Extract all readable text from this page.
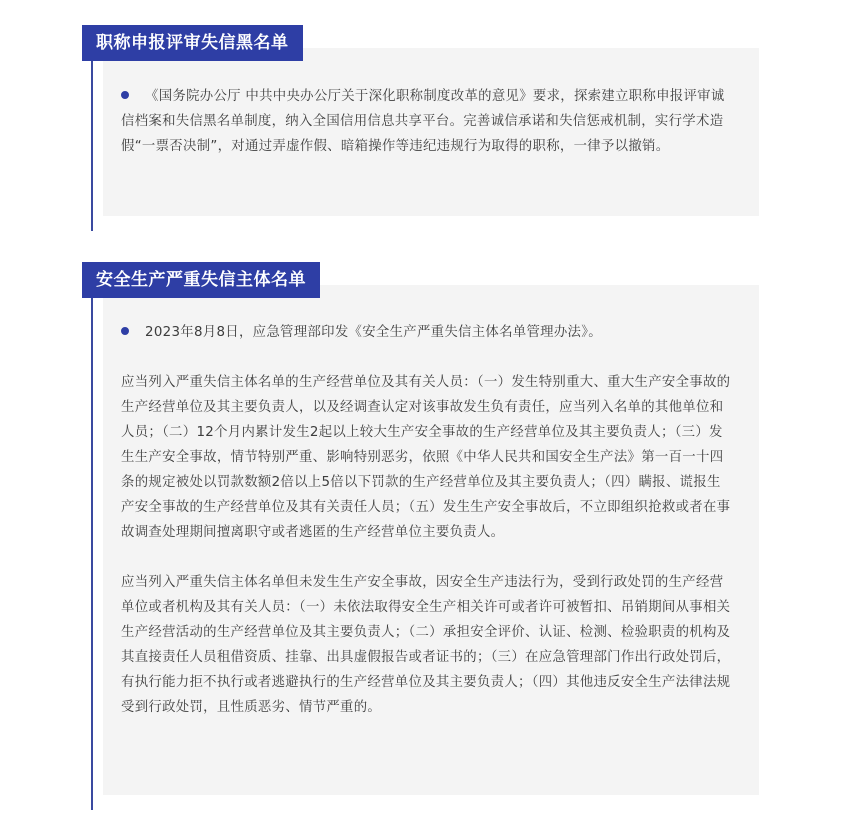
职称申报评审失信黑名单

《国务院办公厅 中共中央办公厅关于深化职称制度改革的意见》要求，探索建立职称申报评审诚信档案和失信黑名单制度，纳入全国信用信息共享平台。完善诚信承诺和失信惩戒机制，实行学术造假“一票否决制”，对通过弄虚作假、暗箱操作等违纪违规行为取得的职称，一律予以撤销。

安全生产严重失信主体名单

2023年8月8日，应急管理部印发《安全生产严重失信主体名单管理办法》。

应当列入严重失信主体名单的生产经营单位及其有关人员：（一）发生特别重大、重大生产安全事故的生产经营单位及其主要负责人，以及经调查认定对该事故发生负有责任，应当列入名单的其他单位和人员；（二）12个月内累计发生2起以上较大生产安全事故的生产经营单位及其主要负责人；（三）发生生产安全事故，情节特别严重、影响特别恶劣，依照《中华人民共和国安全生产法》第一百一十四条的规定被处以罚款数额2倍以上5倍以下罚款的生产经营单位及其主要负责人；（四）瞒报、谎报生产安全事故的生产经营单位及其有关责任人员；（五）发生生产安全事故后，不立即组织抢救或者在事故调查处理期间擅离职守或者逃匿的生产经营单位主要负责人。

应当列入严重失信主体名单但未发生生产安全事故，因安全生产违法行为，受到行政处罚的生产经营单位或者机构及其有关人员：（一）未依法取得安全生产相关许可或者许可被暂扣、吊销期间从事相关生产经营活动的生产经营单位及其主要负责人；（二）承担安全评价、认证、检测、检验职责的机构及其直接责任人员租借资质、挂靠、出具虚假报告或者证书的；（三）在应急管理部门作出行政处罚后，有执行能力拒不执行或者逃避执行的生产经营单位及其主要负责人；（四）其他违反安全生产法律法规受到行政处罚，且性质恶劣、情节严重的。
